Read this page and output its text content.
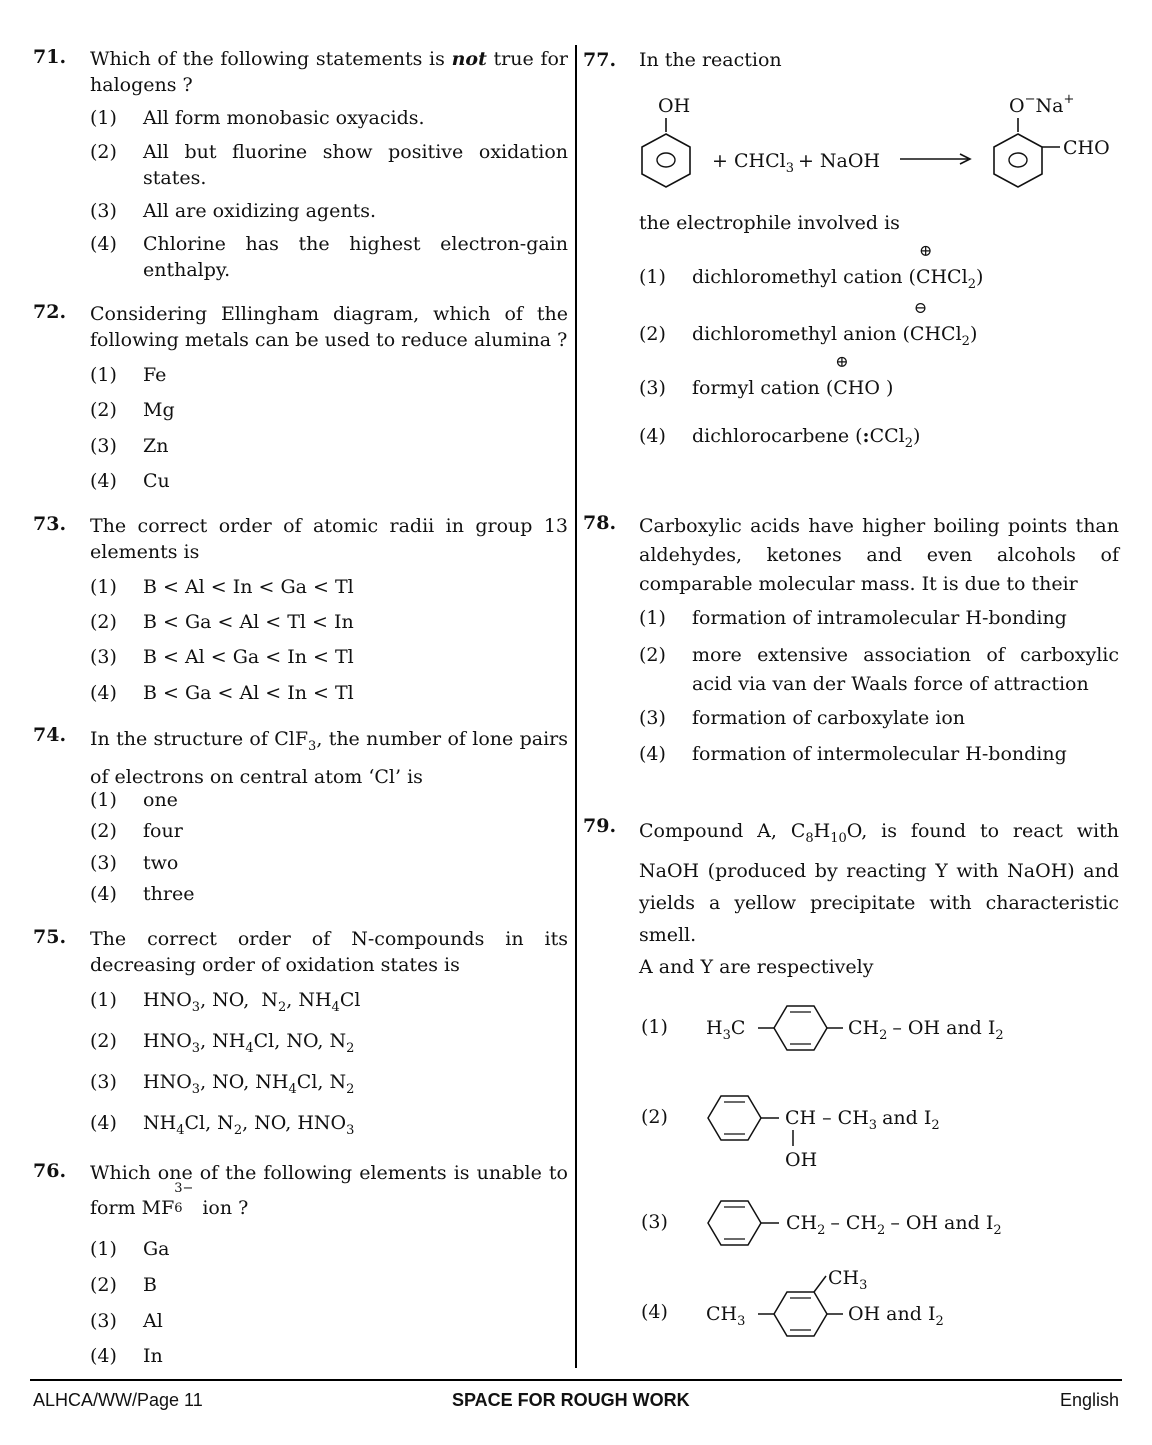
71. Which of the following statements is not true for
halogens ?
(1) All form monobasic oxyacids.
(2) All but fluorine show positive oxidation
states.
(3) All are oxidizing agents.
(4) Chlorine has the highest electron-gain
enthalpy.
72. Considering Ellingham diagram, which of the following metals can be used to reduce alumina ?
(1) Fe
(2) Mg
(3) Zn
(4) Cu
73. The correct order of atomic radii in group 13 elements is
(1) B < Al < In < Ga < Tl
(2) B < Ga < Al < Tl < In
(3) B < Al < Ga < In < Tl
(4) B < Ga < Al < In < Tl
74. In the structure of ClF$_3$, the number of lone pairs
of electrons on central atom ‘Cl’ is
(1) one
(2) four
(3) two
(4) three
75. The correct order of N-compounds in its decreasing order of oxidation states is
(1) $HNO_3$, NO,  $N_2$, $NH_4Cl$
(2) $HNO_3$, $NH_4Cl$, NO, $N_2$
(3) $HNO_3$, NO, $NH_4Cl$, $N_2$
(4) $NH_4Cl$, $N_2$, NO, $HNO_3$
76. Which one of the following elements is unable to
form MF
3−
6 ion ?
(1) Ga
(2) B
(3) Al
(4) In
77. In the reaction
OH
+ CHCl$_3$ + NaOH
O−Na+
CHO
the electrophile involved is
(1) dichloromethyl cation (
⊕
CHCl$_2$)
(2) dichloromethyl anion (
⊖
CHCl$_2$)
(3) formyl cation (
⊕
CHO )
(4) dichlorocarbene (:CCl$_2$)
78. Carboxylic acids have higher boiling points than aldehydes, ketones and even alcohols of comparable molecular mass. It is due to their
(1) formation of intramolecular H-bonding
(2) more extensive association of carboxylic
acid via van der Waals force of attraction
(3) formation of carboxylate ion
(4) formation of intermolecular H-bonding
79. Compound A, $C_8H_{10}O$, is found to react with
NaOH (produced by reacting Y with NaOH) and
yields a yellow precipitate with characteristic
smell.
A and Y are respectively
(1) $H_3C$	$CH_2$ – OH and $I_2$
(2)	CH – $CH_3$ and $I_2$
OH
(3)	$CH_2 - CH_2$ – OH and $I_2$
(4) $CH_3$
$CH_3$
OH and $I_2$
ALHCA/WW/Page 11	SPACE FOR ROUGH WORK	English
